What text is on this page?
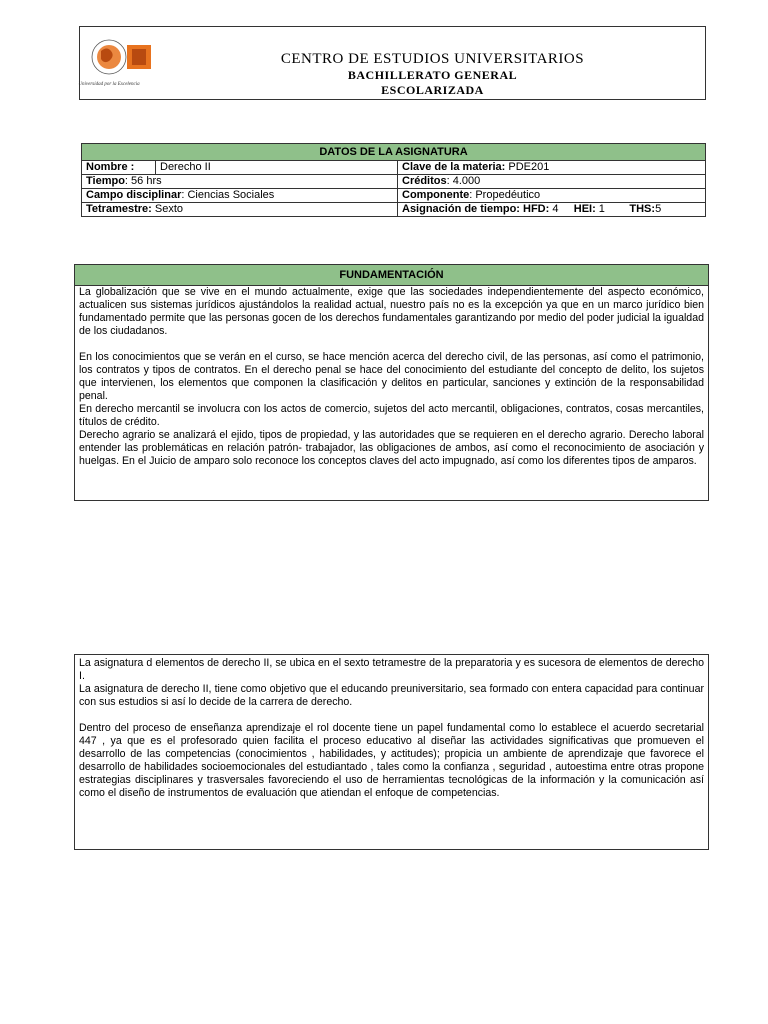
Universidad por la Excelencia
CENTRO DE ESTUDIOS UNIVERSITARIOS
BACHILLERATO GENERAL
ESCOLARIZADA
DATOS DE LA ASIGNATURA		
Nombre :	Derecho II	Clave de la materia: PDE201
Tiempo: 56 hrs		Créditos: 4.000
Campo disciplinar: Ciencias Sociales		Componente: Propedéutico
Tetramestre: Sexto		Asignación de tiempo: HFD: 4 HEI: 1 THS:5
FUNDAMENTACIÓN

La globalización que se vive en el mundo actualmente, exige que las sociedades independientemente del aspecto económico, actualicen sus sistemas jurídicos ajustándolos la realidad actual, nuestro país no es la excepción ya que en un marco jurídico bien fundamentado permite que las personas gocen de los derechos fundamentales garantizando por medio del poder judicial la igualdad de los ciudadanos.

En los conocimientos que se verán en el curso, se hace mención acerca del derecho civil, de las personas, así como el patrimonio, los contratos y tipos de contratos. En el derecho penal se hace del conocimiento del estudiante del concepto de delito, los sujetos que intervienen, los elementos que componen la clasificación y delitos en particular, sanciones y extinción de la responsabilidad penal.

En derecho mercantil se involucra con los actos de comercio, sujetos del acto mercantil, obligaciones, contratos, cosas mercantiles, títulos de crédito.

Derecho agrario se analizará el ejido, tipos de propiedad, y las autoridades que se requieren en el derecho agrario. Derecho laboral entender las problemáticas en relación patrón- trabajador, las obligaciones de ambos, así como el reconocimiento de asociación y huelgas. En el Juicio de amparo solo reconoce los conceptos claves del acto impugnado, así como los diferentes tipos de amparos.

La asignatura d elementos de derecho II, se ubica en el sexto tetramestre de la preparatoria y es sucesora de elementos de derecho I.

La asignatura de derecho II, tiene como objetivo que el educando preuniversitario, sea formado con entera capacidad para continuar con sus estudios si así lo decide de la carrera de derecho.

Dentro del proceso de enseñanza aprendizaje el rol docente tiene un papel fundamental como lo establece el acuerdo secretarial 447 , ya que es el profesorado quien facilita el proceso educativo al diseñar las actividades significativas que promueven el desarrollo de las competencias (conocimientos , habilidades, y actitudes); propicia un ambiente de aprendizaje que favorece el desarrollo de habilidades socioemocionales del estudiantado , tales como la confianza , seguridad , autoestima entre otras propone estrategias disciplinares y trasversales favoreciendo el uso de herramientas tecnológicas de la información y la comunicación así como el diseño de instrumentos de evaluación que atiendan el enfoque de competencias.
